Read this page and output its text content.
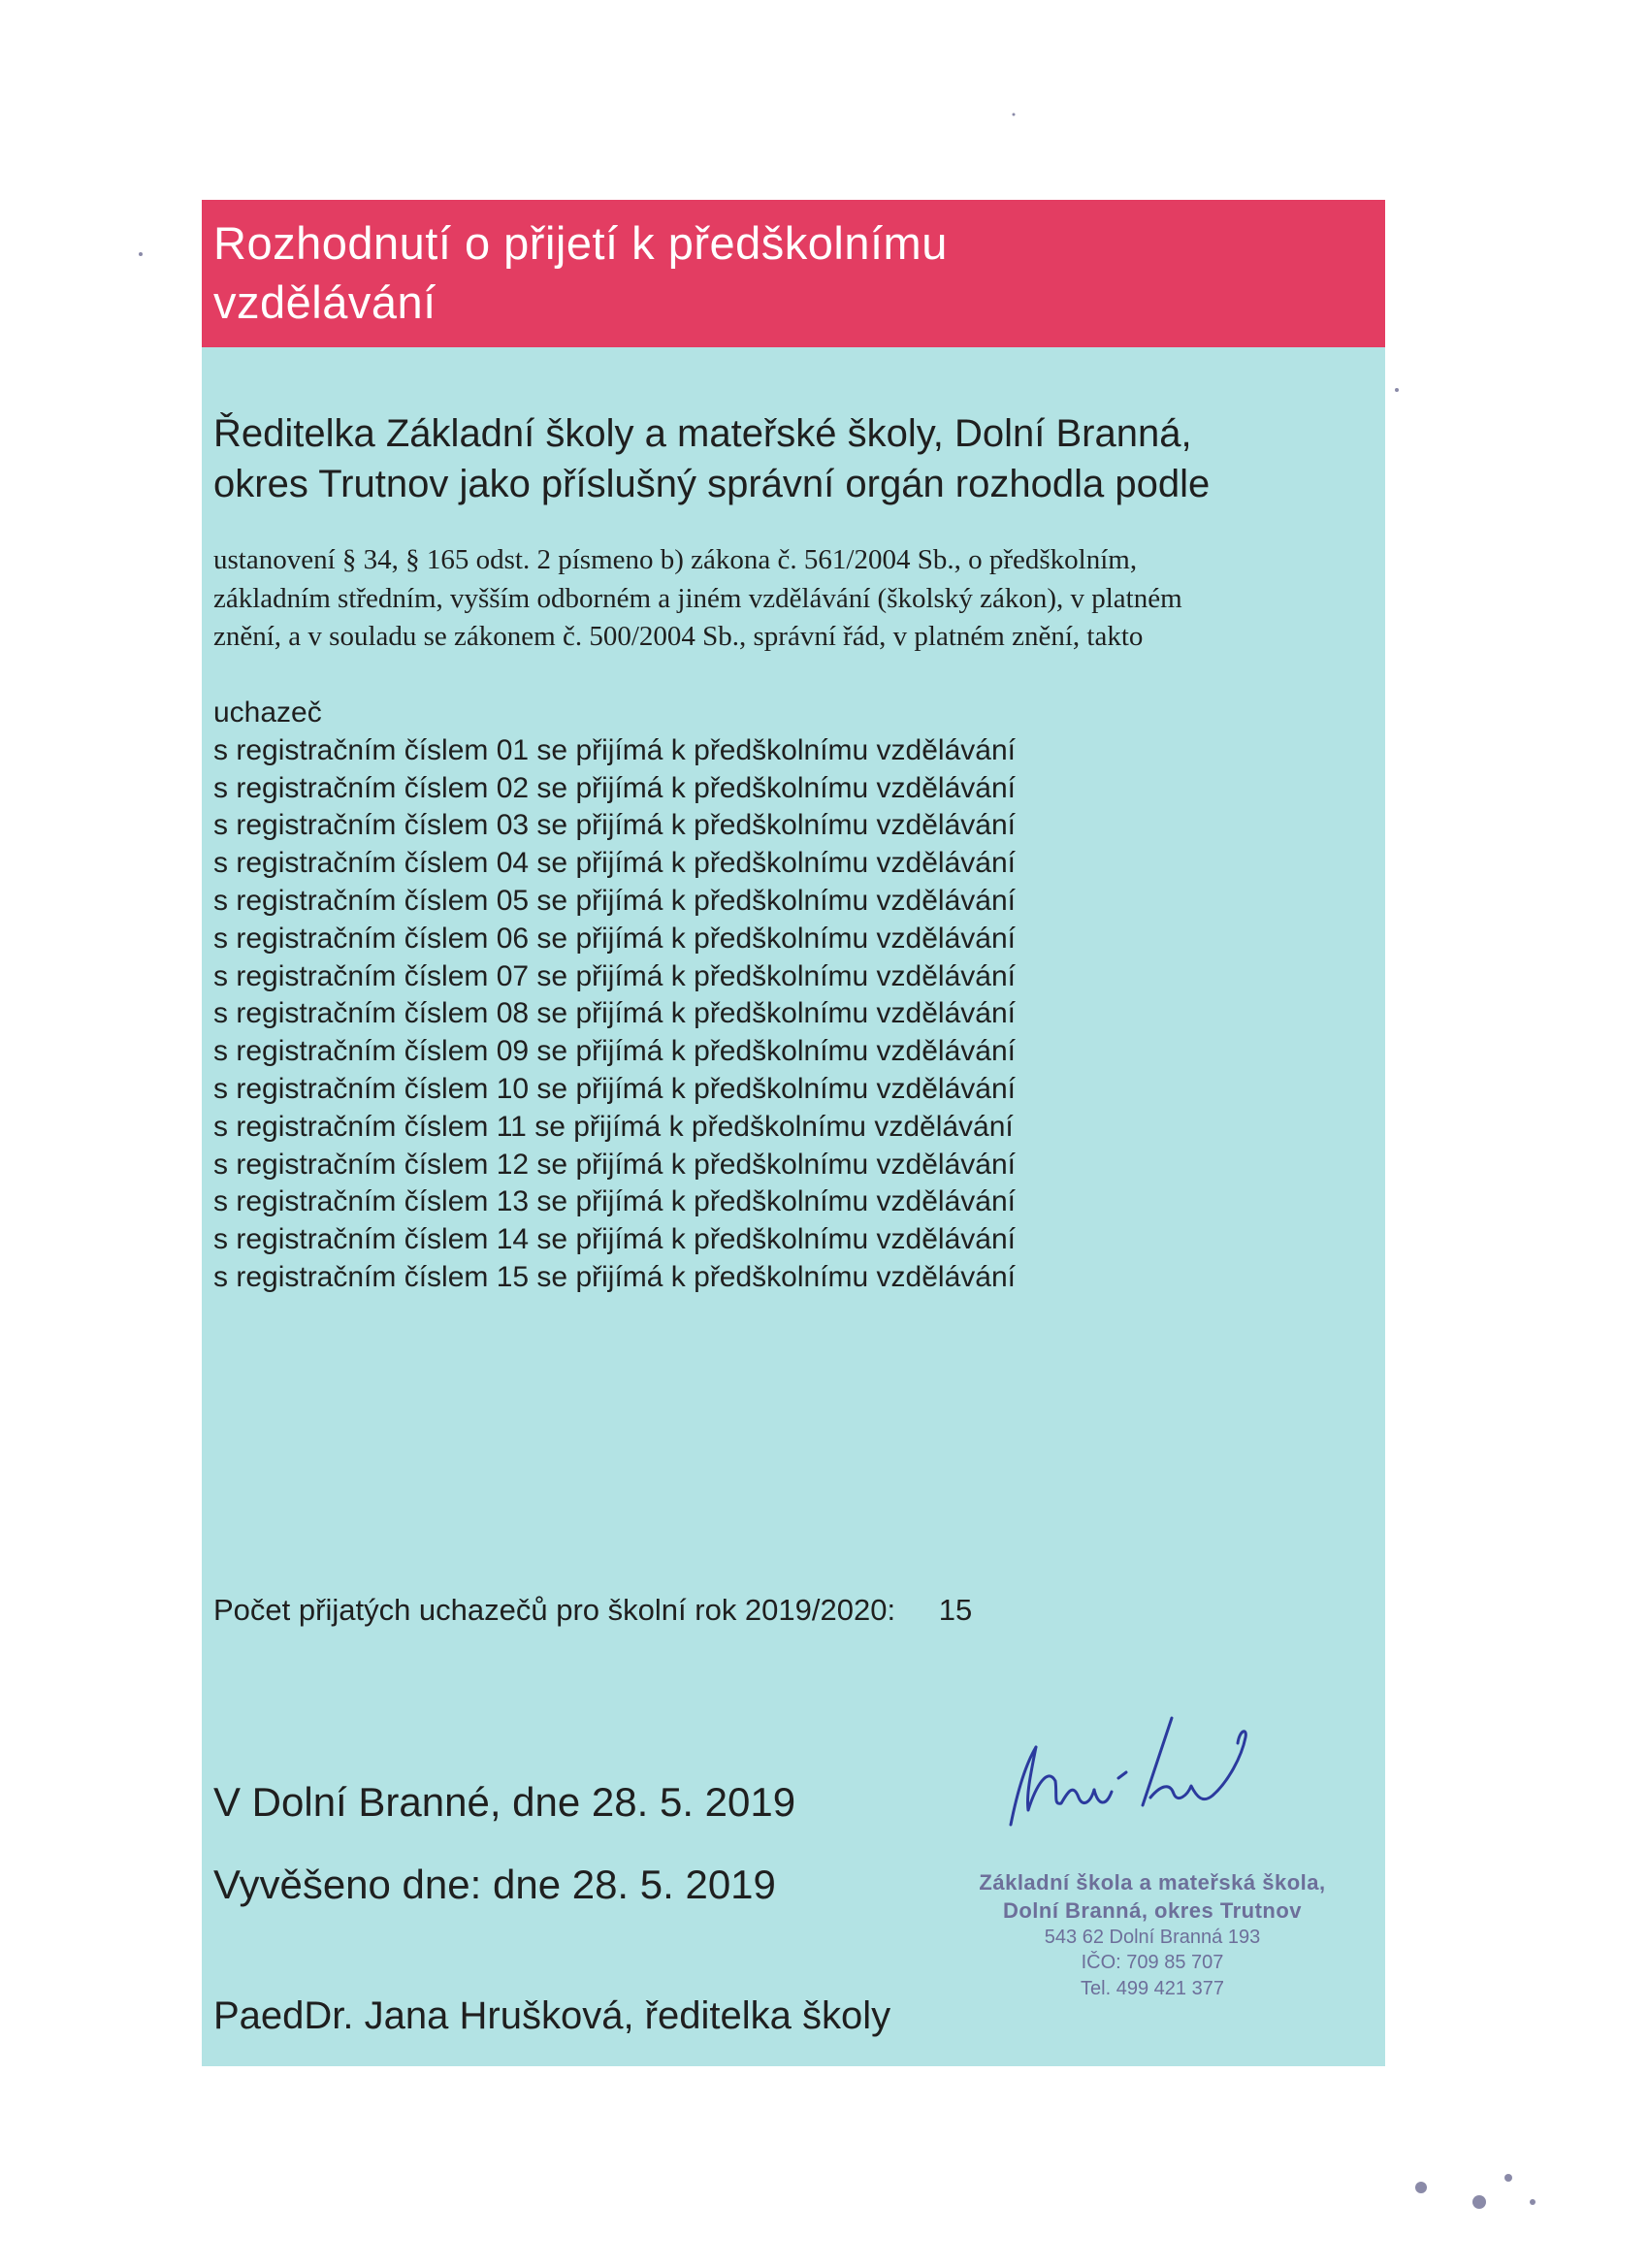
Rozhodnutí o přijetí k předškolnímu
vzdělávání
Ředitelka Základní školy a mateřské školy, Dolní Branná,
okres Trutnov jako příslušný správní orgán rozhodla podle
ustanovení § 34, § 165 odst. 2 písmeno b) zákona č. 561/2004 Sb., o předškolním,
základním středním, vyšším odborném a jiném vzdělávání (školský zákon), v platném
znění, a v souladu se zákonem č. 500/2004 Sb., správní řád, v platném znění, takto
uchazeč
s registračním číslem 01 se přijímá k předškolnímu vzdělávání
s registračním číslem 02 se přijímá k předškolnímu vzdělávání
s registračním číslem 03 se přijímá k předškolnímu vzdělávání
s registračním číslem 04 se přijímá k předškolnímu vzdělávání
s registračním číslem 05 se přijímá k předškolnímu vzdělávání
s registračním číslem 06 se přijímá k předškolnímu vzdělávání
s registračním číslem 07 se přijímá k předškolnímu vzdělávání
s registračním číslem 08 se přijímá k předškolnímu vzdělávání
s registračním číslem 09 se přijímá k předškolnímu vzdělávání
s registračním číslem 10 se přijímá k předškolnímu vzdělávání
s registračním číslem 11 se přijímá k předškolnímu vzdělávání
s registračním číslem 12 se přijímá k předškolnímu vzdělávání
s registračním číslem 13 se přijímá k předškolnímu vzdělávání
s registračním číslem 14 se přijímá k předškolnímu vzdělávání
s registračním číslem 15 se přijímá k předškolnímu vzdělávání
Počet přijatých uchazečů pro školní rok 2019/2020: 15
V Dolní Branné, dne 28. 5. 2019
Vyvěšeno dne: dne 28. 5. 2019	Základní škola a mateřská škola,
Dolní Branná, okres Trutnov
543 62 Dolní Branná 193
IČO: 709 85 707
Tel. 499 421 377
PaedDr. Jana Hrušková, ředitelka školy
